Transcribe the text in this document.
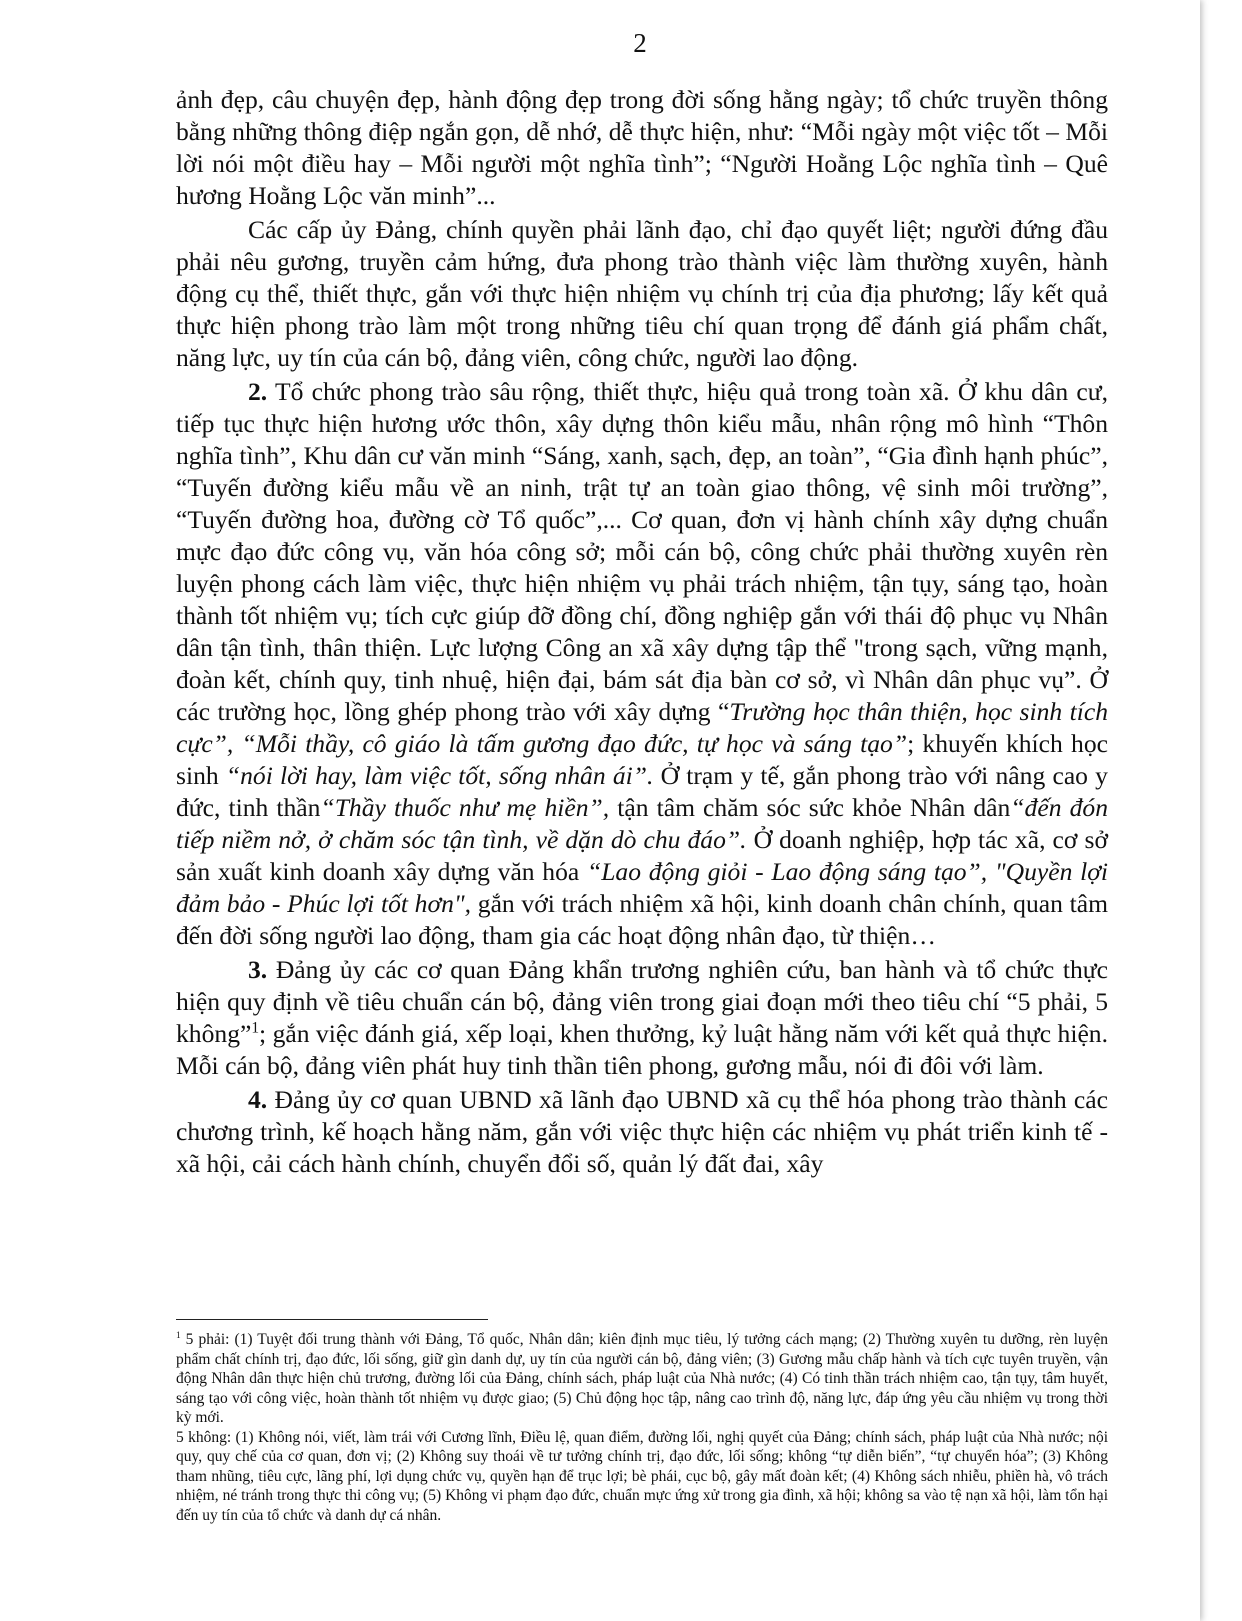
2

ảnh đẹp, câu chuyện đẹp, hành động đẹp trong đời sống hằng ngày; tổ chức truyền thông bằng những thông điệp ngắn gọn, dễ nhớ, dễ thực hiện, như: “Mỗi ngày một việc tốt – Mỗi lời nói một điều hay – Mỗi người một nghĩa tình”; “Người Hoằng Lộc nghĩa tình – Quê hương Hoằng Lộc văn minh”...

Các cấp ủy Đảng, chính quyền phải lãnh đạo, chỉ đạo quyết liệt; người đứng đầu phải nêu gương, truyền cảm hứng, đưa phong trào thành việc làm thường xuyên, hành động cụ thể, thiết thực, gắn với thực hiện nhiệm vụ chính trị của địa phương; lấy kết quả thực hiện phong trào làm một trong những tiêu chí quan trọng để đánh giá phẩm chất, năng lực, uy tín của cán bộ, đảng viên, công chức, người lao động.

2. Tổ chức phong trào sâu rộng, thiết thực, hiệu quả trong toàn xã. Ở khu dân cư, tiếp tục thực hiện hương ước thôn, xây dựng thôn kiểu mẫu, nhân rộng mô hình “Thôn nghĩa tình”, Khu dân cư văn minh “Sáng, xanh, sạch, đẹp, an toàn”, “Gia đình hạnh phúc”, “Tuyến đường kiểu mẫu về an ninh, trật tự an toàn giao thông, vệ sinh môi trường”, “Tuyến đường hoa, đường cờ Tổ quốc”,... Cơ quan, đơn vị hành chính xây dựng chuẩn mực đạo đức công vụ, văn hóa công sở; mỗi cán bộ, công chức phải thường xuyên rèn luyện phong cách làm việc, thực hiện nhiệm vụ phải trách nhiệm, tận tụy, sáng tạo, hoàn thành tốt nhiệm vụ; tích cực giúp đỡ đồng chí, đồng nghiệp gắn với thái độ phục vụ Nhân dân tận tình, thân thiện. Lực lượng Công an xã xây dựng tập thể "trong sạch, vững mạnh, đoàn kết, chính quy, tinh nhuệ, hiện đại, bám sát địa bàn cơ sở, vì Nhân dân phục vụ”. Ở các trường học, lồng ghép phong trào với xây dựng “Trường học thân thiện, học sinh tích cực”, “Mỗi thầy, cô giáo là tấm gương đạo đức, tự học và sáng tạo”; khuyến khích học sinh “nói lời hay, làm việc tốt, sống nhân ái”. Ở trạm y tế, gắn phong trào với nâng cao y đức, tinh thần“Thầy thuốc như mẹ hiền”, tận tâm chăm sóc sức khỏe Nhân dân“đến đón tiếp niềm nở, ở chăm sóc tận tình, về dặn dò chu đáo”. Ở doanh nghiệp, hợp tác xã, cơ sở sản xuất kinh doanh xây dựng văn hóa “Lao động giỏi - Lao động sáng tạo”, "Quyền lợi đảm bảo - Phúc lợi tốt hơn", gắn với trách nhiệm xã hội, kinh doanh chân chính, quan tâm đến đời sống người lao động, tham gia các hoạt động nhân đạo, từ thiện…

3. Đảng ủy các cơ quan Đảng khẩn trương nghiên cứu, ban hành và tổ chức thực hiện quy định về tiêu chuẩn cán bộ, đảng viên trong giai đoạn mới theo tiêu chí “5 phải, 5 không”$^1$; gắn việc đánh giá, xếp loại, khen thưởng, kỷ luật hằng năm với kết quả thực hiện. Mỗi cán bộ, đảng viên phát huy tinh thần tiên phong, gương mẫu, nói đi đôi với làm.

4. Đảng ủy cơ quan UBND xã lãnh đạo UBND xã cụ thể hóa phong trào thành các chương trình, kế hoạch hằng năm, gắn với việc thực hiện các nhiệm vụ phát triển kinh tế - xã hội, cải cách hành chính, chuyển đổi số, quản lý đất đai, xây

$^1$ 5 phải: (1) Tuyệt đối trung thành với Đảng, Tổ quốc, Nhân dân; kiên định mục tiêu, lý tưởng cách mạng; (2) Thường xuyên tu dưỡng, rèn luyện phẩm chất chính trị, đạo đức, lối sống, giữ gìn danh dự, uy tín của người cán bộ, đảng viên; (3) Gương mẫu chấp hành và tích cực tuyên truyền, vận động Nhân dân thực hiện chủ trương, đường lối của Đảng, chính sách, pháp luật của Nhà nước; (4) Có tinh thần trách nhiệm cao, tận tụy, tâm huyết, sáng tạo với công việc, hoàn thành tốt nhiệm vụ được giao; (5) Chủ động học tập, nâng cao trình độ, năng lực, đáp ứng yêu cầu nhiệm vụ trong thời kỳ mới.

5 không: (1) Không nói, viết, làm trái với Cương lĩnh, Điều lệ, quan điểm, đường lối, nghị quyết của Đảng; chính sách, pháp luật của Nhà nước; nội quy, quy chế của cơ quan, đơn vị; (2) Không suy thoái về tư tưởng chính trị, đạo đức, lối sống; không “tự diễn biến”, “tự chuyển hóa”; (3) Không tham nhũng, tiêu cực, lãng phí, lợi dụng chức vụ, quyền hạn để trục lợi; bè phái, cục bộ, gây mất đoàn kết; (4) Không sách nhiễu, phiền hà, vô trách nhiệm, né tránh trong thực thi công vụ; (5) Không vi phạm đạo đức, chuẩn mực ứng xử trong gia đình, xã hội; không sa vào tệ nạn xã hội, làm tổn hại đến uy tín của tổ chức và danh dự cá nhân.
